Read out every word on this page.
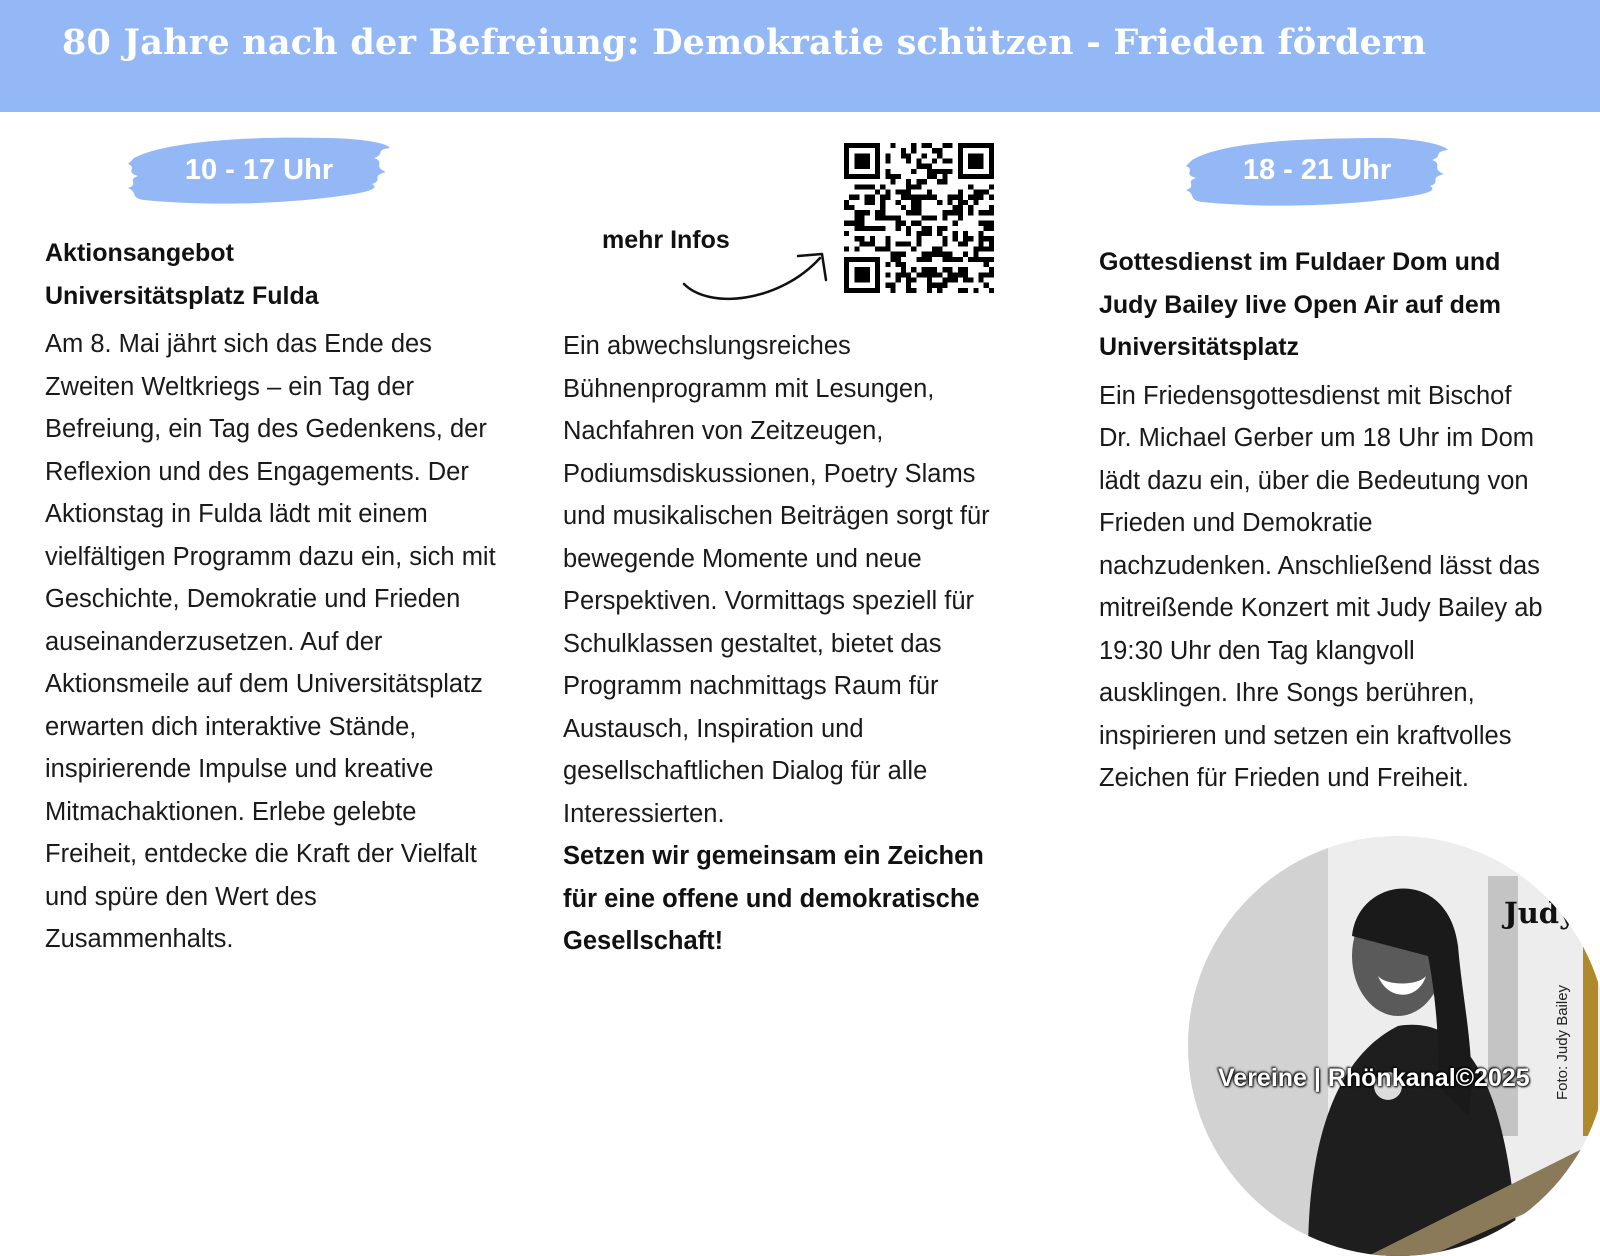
80 Jahre nach der Befreiung: Demokratie schützen - Frieden fördern
10 - 17 Uhr
Aktionsangebot
Universitätsplatz Fulda

Am 8. Mai jährt sich das Ende des Zweiten Weltkriegs – ein Tag der Befreiung, ein Tag des Gedenkens, der Reflexion und des Engagements. Der Aktionstag in Fulda lädt mit einem vielfältigen Programm dazu ein, sich mit Geschichte, Demokratie und Frieden auseinanderzusetzen. Auf der Aktionsmeile auf dem Universitätsplatz erwarten dich interaktive Stände, inspirierende Impulse und kreative Mitmachaktionen. Erlebe gelebte Freiheit, entdecke die Kraft der Vielfalt und spüre den Wert des Zusammenhalts.

mehr Infos

Ein abwechslungsreiches Bühnenprogramm mit Lesungen, Nachfahren von Zeitzeugen, Podiumsdiskussionen, Poetry Slams und musikalischen Beiträgen sorgt für bewegende Momente und neue Perspektiven. Vormittags speziell für Schulklassen gestaltet, bietet das Programm nachmittags Raum für Austausch, Inspiration und gesellschaftlichen Dialog für alle Interessierten.

Setzen wir gemeinsam ein Zeichen für eine offene und demokratische Gesellschaft!

18 - 21 Uhr
Gottesdienst im Fuldaer Dom und Judy Bailey live Open Air auf dem Universitätsplatz

Ein Friedensgottesdienst mit Bischof Dr. Michael Gerber um 18 Uhr im Dom lädt dazu ein, über die Bedeutung von Frieden und Demokratie nachzudenken. Anschließend lässt das mitreißende Konzert mit Judy Bailey ab 19:30 Uhr den Tag klangvoll ausklingen. Ihre Songs berühren, inspirieren und setzen ein kraftvolles Zeichen für Frieden und Freiheit.

Judy
Foto: Judy Bailey
Vereine | Rhönkanal©2025
